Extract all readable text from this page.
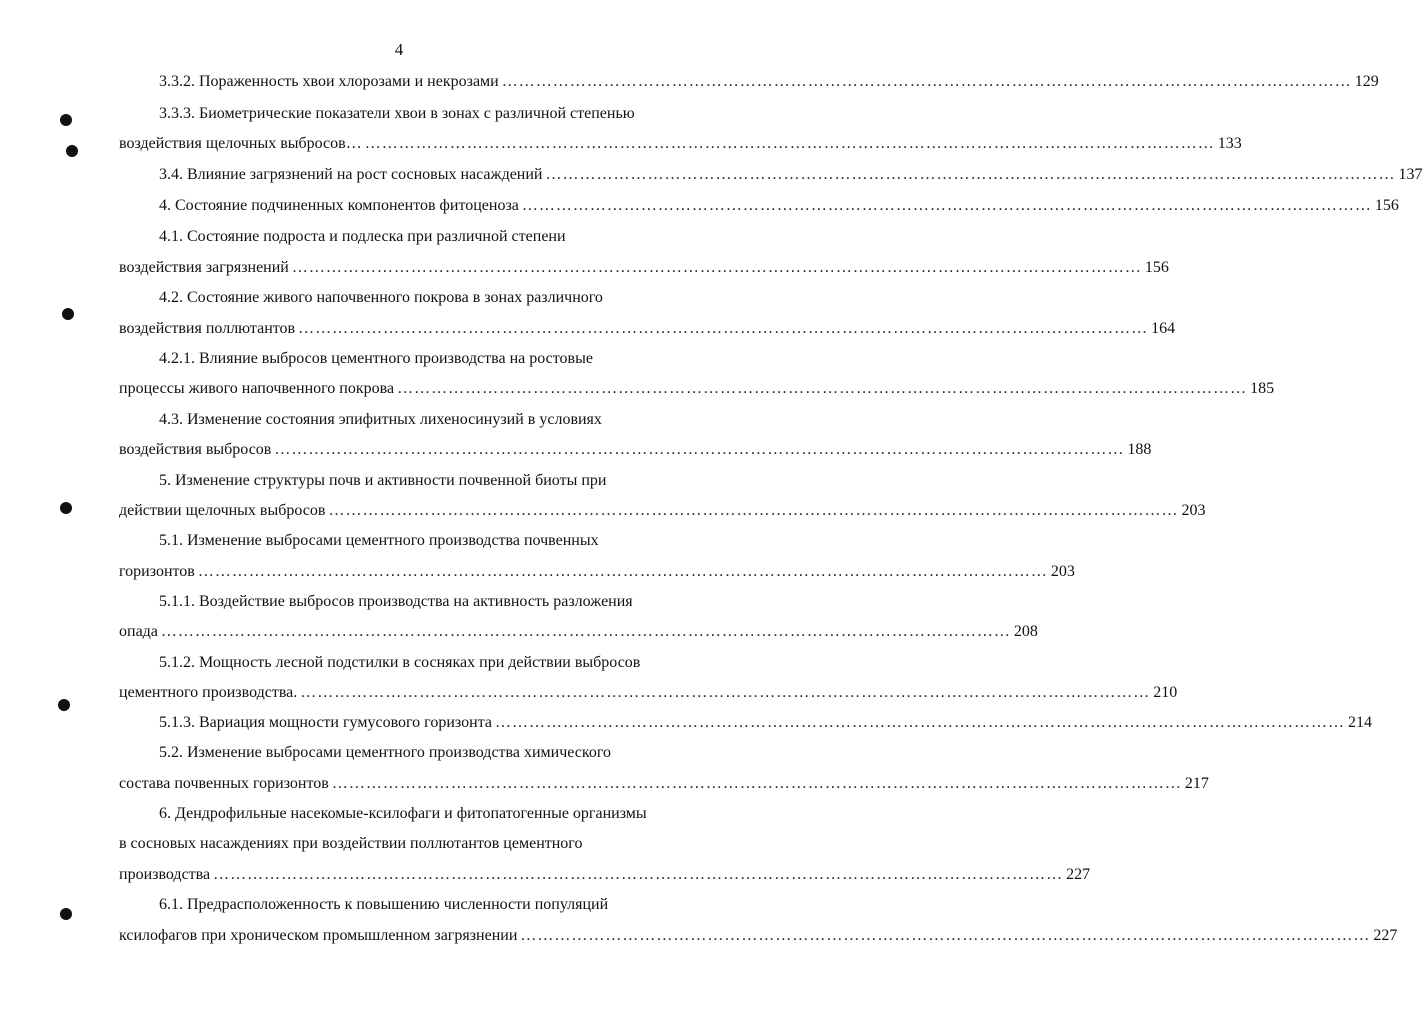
4
3.3.2. Пораженность хвои хлорозами и некрозами …………………………………………………………………………………………………………………………………… 129
3.3.3. Биометрические показатели хвои в зонах с различной степенью
воздействия щелочных выбросов… …………………………………………………………………………………………………………………………………… 133
3.4. Влияние загрязнений на рост сосновых насаждений …………………………………………………………………………………………………………………………………… 137
4. Состояние подчиненных компонентов фитоценоза …………………………………………………………………………………………………………………………………… 156
4.1. Состояние подроста и подлеска при различной степени
воздействия загрязнений …………………………………………………………………………………………………………………………………… 156
4.2. Состояние живого напочвенного покрова в зонах различного
воздействия поллютантов …………………………………………………………………………………………………………………………………… 164
4.2.1. Влияние выбросов цементного производства на ростовые
процессы живого напочвенного покрова …………………………………………………………………………………………………………………………………… 185
4.3. Изменение состояния эпифитных лихеносинузий в условиях
воздействия выбросов …………………………………………………………………………………………………………………………………… 188
5. Изменение структуры почв и активности почвенной биоты при
действии щелочных выбросов …………………………………………………………………………………………………………………………………… 203
5.1. Изменение выбросами цементного производства почвенных
горизонтов …………………………………………………………………………………………………………………………………… 203
5.1.1. Воздействие выбросов производства на активность разложения
опада …………………………………………………………………………………………………………………………………… 208
5.1.2. Мощность лесной подстилки в сосняках при действии выбросов
цементного производства. …………………………………………………………………………………………………………………………………… 210
5.1.3. Вариация мощности гумусового горизонта …………………………………………………………………………………………………………………………………… 214
5.2. Изменение выбросами цементного производства химического
состава почвенных горизонтов …………………………………………………………………………………………………………………………………… 217
6. Дендрофильные насекомые-ксилофаги и фитопатогенные организмы
в сосновых насаждениях при воздействии поллютантов цементного
производства …………………………………………………………………………………………………………………………………… 227
6.1. Предрасположенность к повышению численности популяций
ксилофагов при хроническом промышленном загрязнении …………………………………………………………………………………………………………………………………… 227
